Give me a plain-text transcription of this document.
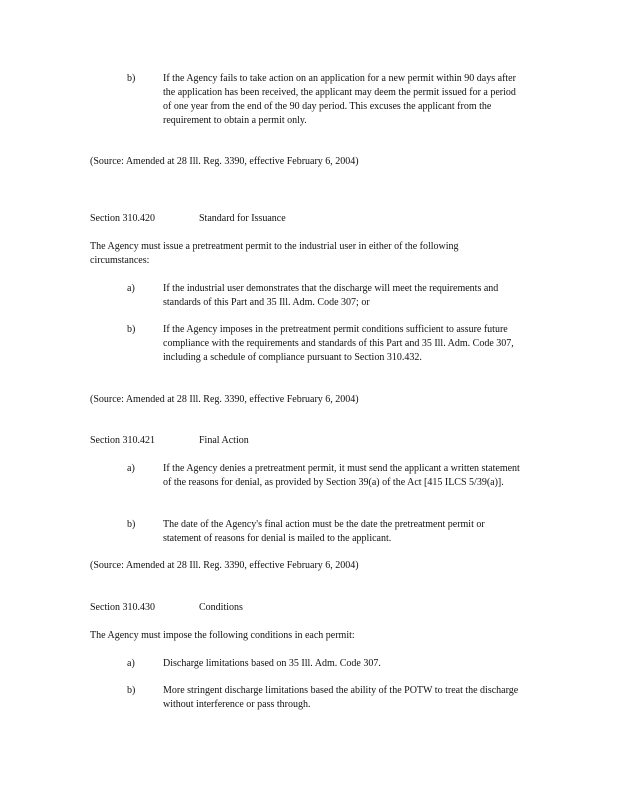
b)	If the Agency fails to take action on an application for a new permit within 90 days after the application has been received, the applicant may deem the permit issued for a period of one year from the end of the 90 day period. This excuses the applicant from the requirement to obtain a permit only.
(Source: Amended at 28 Ill. Reg. 3390, effective February 6, 2004)
Section 310.420	Standard for Issuance
The Agency must issue a pretreatment permit to the industrial user in either of the following circumstances:
a)	If the industrial user demonstrates that the discharge will meet the requirements and standards of this Part and 35 Ill. Adm. Code 307; or
b)	If the Agency imposes in the pretreatment permit conditions sufficient to assure future compliance with the requirements and standards of this Part and 35 Ill. Adm. Code 307, including a schedule of compliance pursuant to Section 310.432.
(Source: Amended at 28 Ill. Reg. 3390, effective February 6, 2004)
Section 310.421	Final Action
a)	If the Agency denies a pretreatment permit, it must send the applicant a written statement of the reasons for denial, as provided by Section 39(a) of the Act [415 ILCS 5/39(a)].
b)	The date of the Agency's final action must be the date the pretreatment permit or statement of reasons for denial is mailed to the applicant.
(Source: Amended at 28 Ill. Reg. 3390, effective February 6, 2004)
Section 310.430	Conditions
The Agency must impose the following conditions in each permit:
a)	Discharge limitations based on 35 Ill. Adm. Code 307.
b)	More stringent discharge limitations based the ability of the POTW to treat the discharge without interference or pass through.
